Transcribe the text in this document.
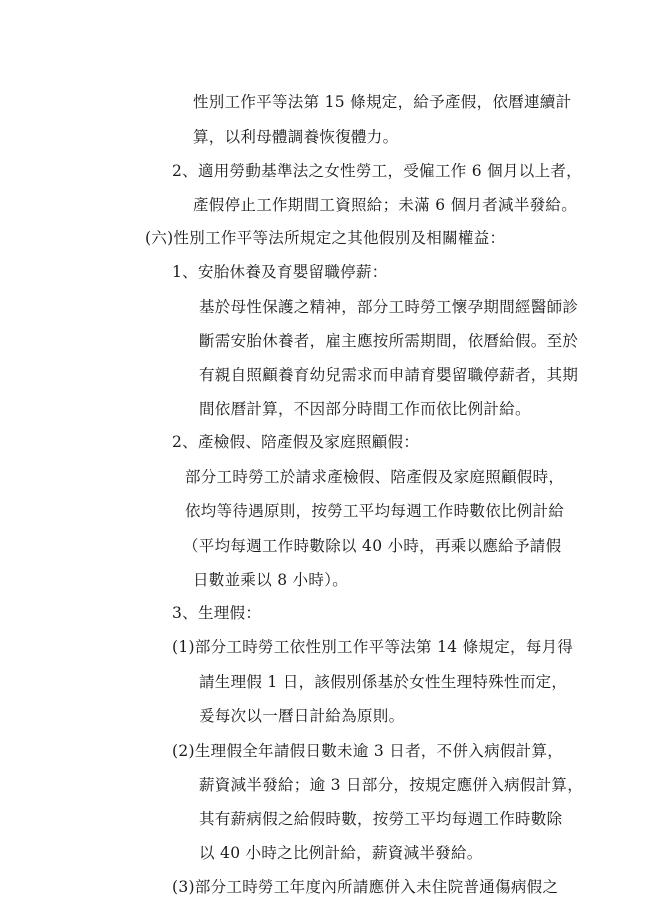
性別工作平等法第 15 條規定，給予產假，依曆連續計
算，以利母體調養恢復體力。
2、適用勞動基準法之女性勞工，受僱工作 6 個月以上者，
產假停止工作期間工資照給；未滿 6 個月者減半發給。
(六)性別工作平等法所規定之其他假別及相關權益：
1、安胎休養及育嬰留職停薪：
基於母性保護之精神，部分工時勞工懷孕期間經醫師診
斷需安胎休養者，雇主應按所需期間，依曆給假。至於
有親自照顧養育幼兒需求而申請育嬰留職停薪者，其期
間依曆計算，不因部分時間工作而依比例計給。
2、產檢假、陪產假及家庭照顧假：
部分工時勞工於請求產檢假、陪產假及家庭照顧假時，
依均等待遇原則，按勞工平均每週工作時數依比例計給
（平均每週工作時數除以 40 小時，再乘以應給予請假
日數並乘以 8 小時）。
3、生理假：
(1)部分工時勞工依性別工作平等法第 14 條規定，每月得
請生理假 1 日，該假別係基於女性生理特殊性而定，
爰每次以一曆日計給為原則。
(2)生理假全年請假日數未逾 3 日者，不併入病假計算，
薪資減半發給；逾 3 日部分，按規定應併入病假計算，
其有薪病假之給假時數，按勞工平均每週工作時數除
以 40 小時之比例計給，薪資減半發給。
(3)部分工時勞工年度內所請應併入未住院普通傷病假之
